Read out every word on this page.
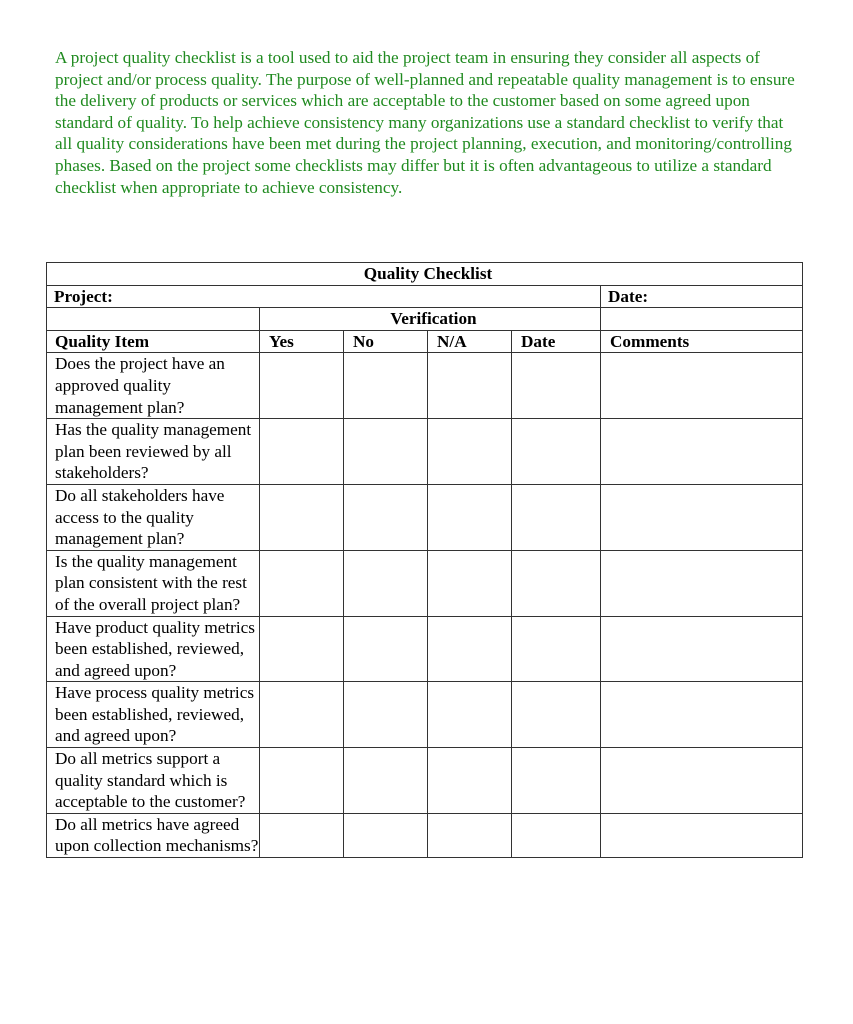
A project quality checklist is a tool used to aid the project team in ensuring they consider all aspects of project and/or process quality. The purpose of well-planned and repeatable quality management is to ensure the delivery of products or services which are acceptable to the customer based on some agreed upon standard of quality. To help achieve consistency many organizations use a standard checklist to verify that all quality considerations have been met during the project planning, execution, and monitoring/controlling phases. Based on the project some checklists may differ but it is often advantageous to utilize a standard checklist when appropriate to achieve consistency.

Quality Checklist					
Project:					Date:
	Verification				
Quality Item	Yes	No	N/A	Date	Comments
Does the project have an approved quality management plan?					
Has the quality management plan been reviewed by all stakeholders?					
Do all stakeholders have access to the quality management plan?					
Is the quality management plan consistent with the rest of the overall project plan?					
Have product quality metrics been established, reviewed, and agreed upon?					
Have process quality metrics been established, reviewed, and agreed upon?					
Do all metrics support a quality standard which is acceptable to the customer?					
Do all metrics have agreed upon collection mechanisms?					
